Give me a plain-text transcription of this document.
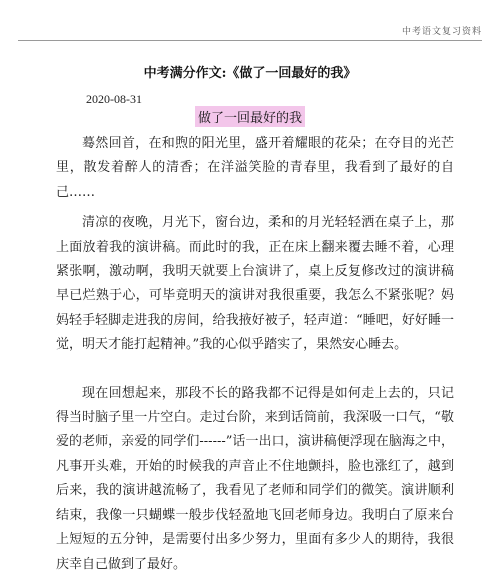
中考语文复习资料
中考满分作文:《做了一回最好的我》
2020-08-31
做了一回最好的我

蓦然回首，在和煦的阳光里，盛开着耀眼的花朵；在夺目的光芒里，散发着醉人的清香；在洋溢笑脸的青春里，我看到了最好的自己……

清凉的夜晚，月光下，窗台边，柔和的月光轻轻洒在桌子上，那上面放着我的演讲稿。而此时的我，正在床上翻来覆去睡不着，心理紧张啊，激动啊，我明天就要上台演讲了，桌上反复修改过的演讲稿早已烂熟于心，可毕竟明天的演讲对我很重要，我怎么不紧张呢？妈妈轻手轻脚走进我的房间，给我掖好被子，轻声道：“睡吧，好好睡一觉，明天才能打起精神。”我的心似乎踏实了，果然安心睡去。

现在回想起来，那段不长的路我都不记得是如何走上去的，只记得当时脑子里一片空白。走过台阶，来到话筒前，我深吸一口气，“敬爱的老师，亲爱的同学们------”话一出口，演讲稿便浮现在脑海之中，凡事开头难，开始的时候我的声音止不住地颤抖，脸也涨红了，越到后来，我的演讲越流畅了，我看见了老师和同学们的微笑。演讲顺利结束，我像一只蝴蝶一般步伐轻盈地飞回老师身边。我明白了原来台上短短的五分钟，是需要付出多少努力，里面有多少人的期待，我很庆幸自己做到了最好。
